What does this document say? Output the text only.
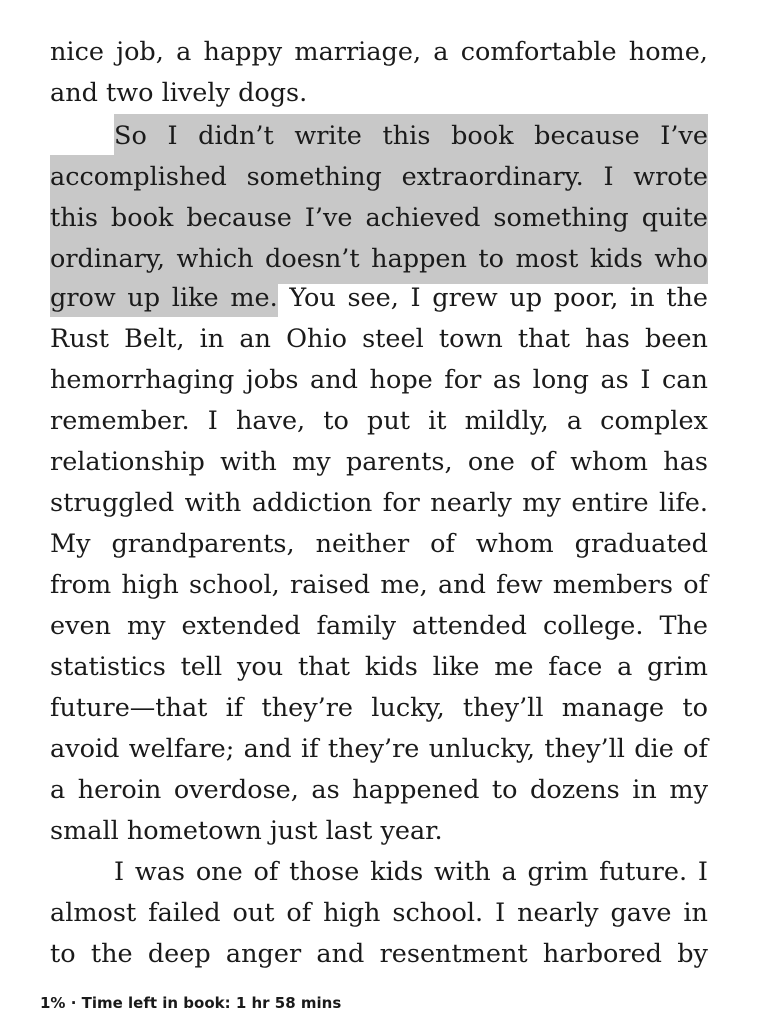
nice job, a happy marriage, a comfortable home,
and two lively dogs.
So I didn’t write this book because I’ve
accomplished something extraordinary. I wrote
this book because I’ve achieved something quite
ordinary, which doesn’t happen to most kids who
grow up like me. You see, I grew up poor, in the
Rust Belt, in an Ohio steel town that has been
hemorrhaging jobs and hope for as long as I can
remember. I have, to put it mildly, a complex
relationship with my parents, one of whom has
struggled with addiction for nearly my entire life.
My grandparents, neither of whom graduated
from high school, raised me, and few members of
even my extended family attended college. The
statistics tell you that kids like me face a grim
future—that if they’re lucky, they’ll manage to
avoid welfare; and if they’re unlucky, they’ll die of
a heroin overdose, as happened to dozens in my
small hometown just last year.
I was one of those kids with a grim future. I
almost failed out of high school. I nearly gave in
to the deep anger and resentment harbored by
1% · Time left in book: 1 hr 58 mins
